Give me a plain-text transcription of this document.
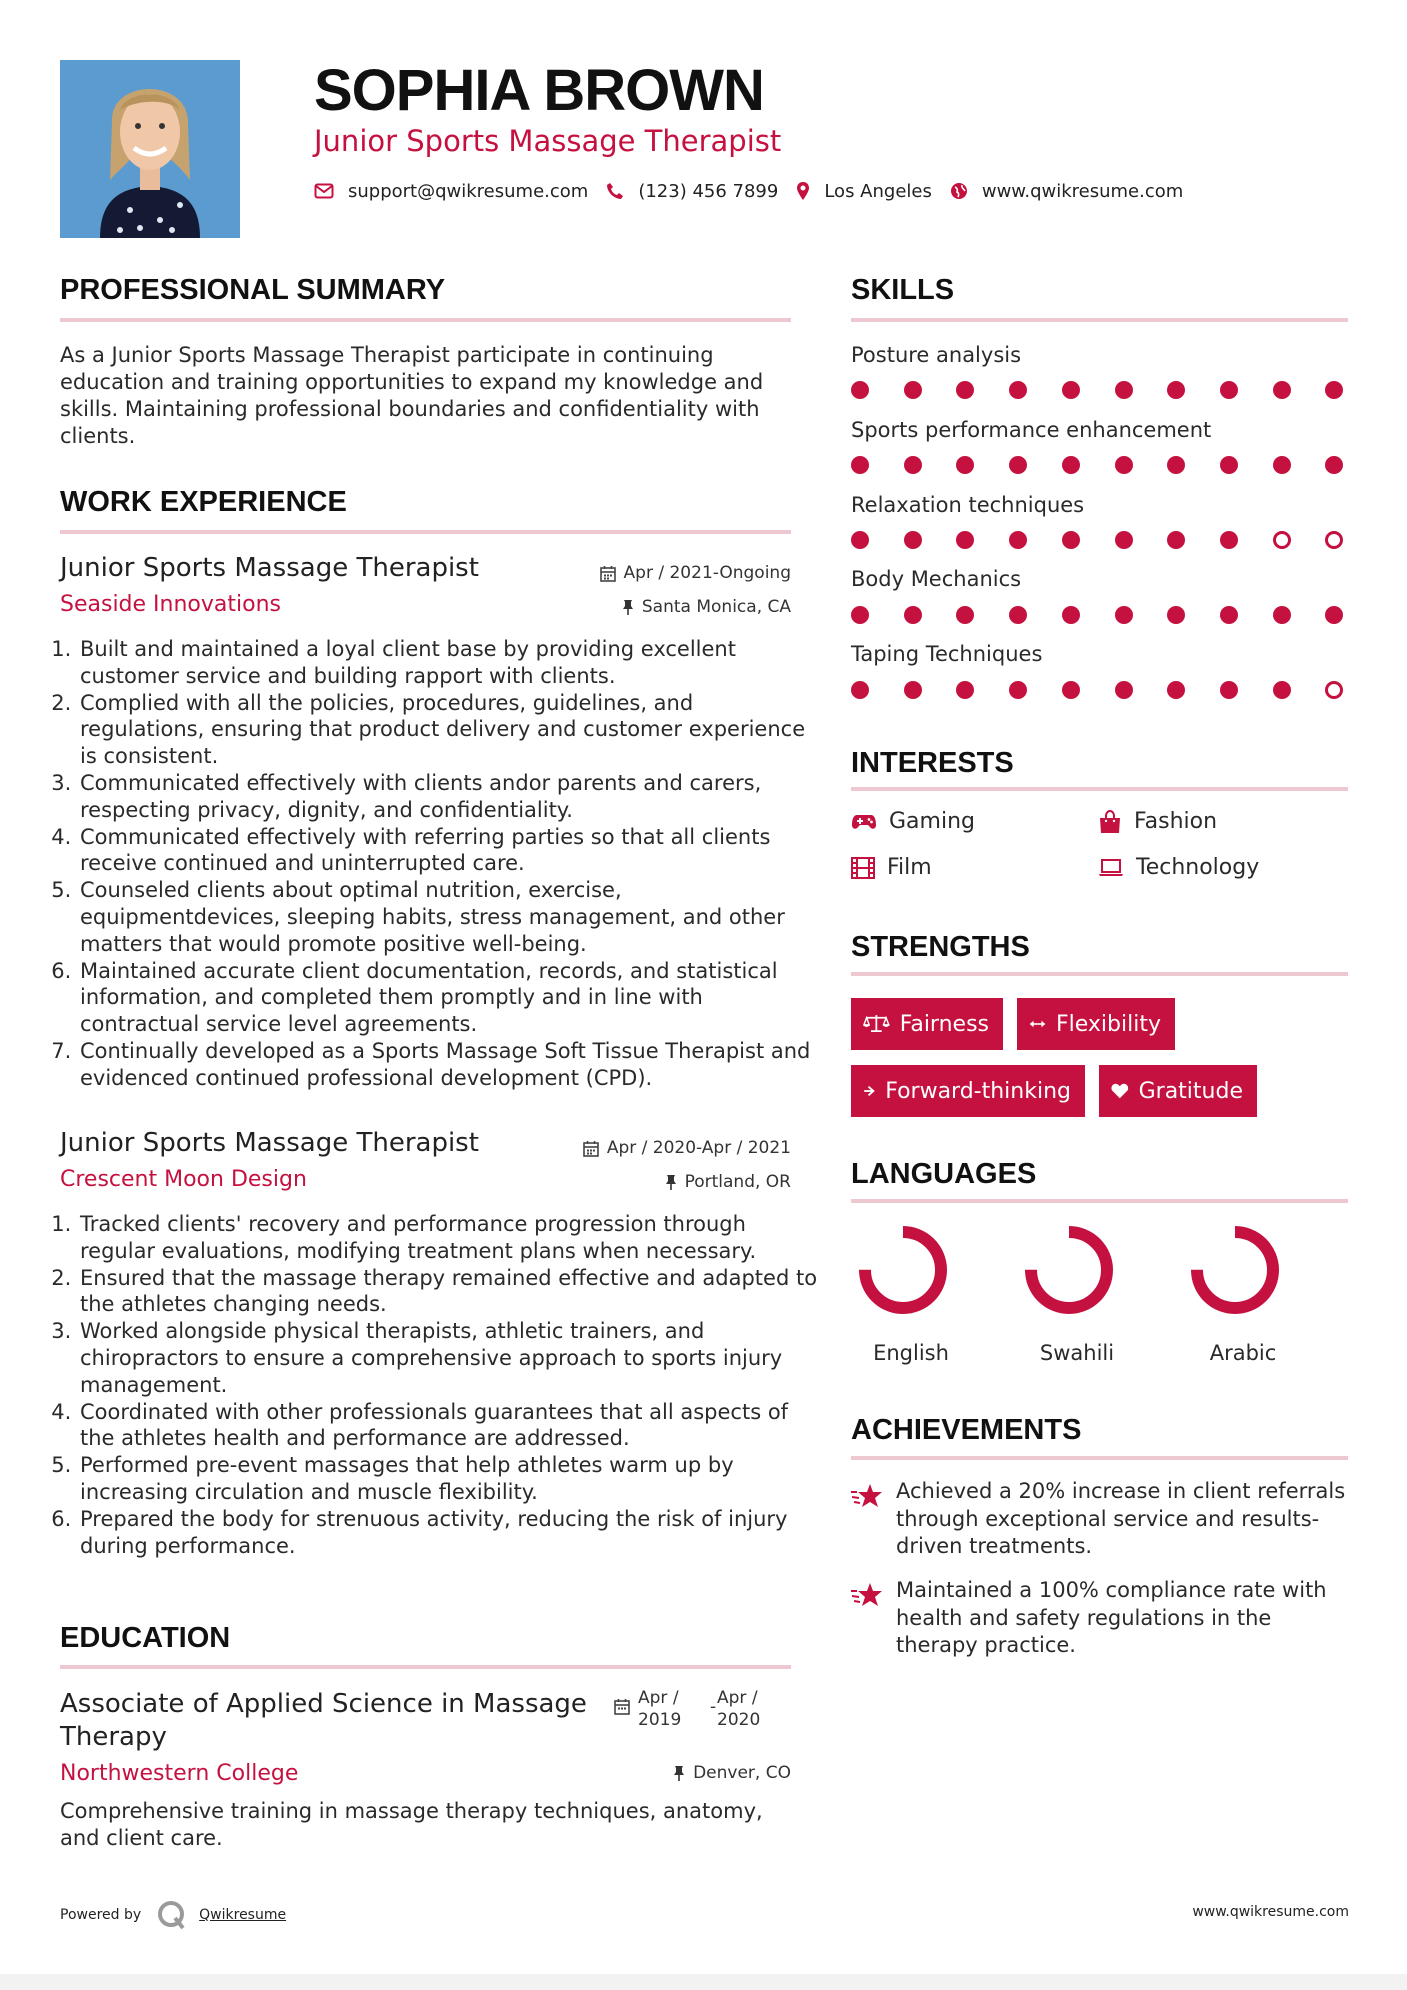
SOPHIA BROWN
Junior Sports Massage Therapist
support@qwikresume.com	(123) 456 7899	Los Angeles	www.qwikresume.com
PROFESSIONAL SUMMARY
As a Junior Sports Massage Therapist participate in continuing education and training opportunities to expand my knowledge and skills. Maintaining professional boundaries and confidentiality with clients.
WORK EXPERIENCE
Junior Sports Massage Therapist
Seaside Innovations
Apr / 2021-Ongoing
Santa Monica, CA
1. Built and maintained a loyal client base by providing excellent customer service and building rapport with clients.
2. Complied with all the policies, procedures, guidelines, and regulations, ensuring that product delivery and customer experience is consistent.
3. Communicated effectively with clients andor parents and carers, respecting privacy, dignity, and confidentiality.
4. Communicated effectively with referring parties so that all clients receive continued and uninterrupted care.
5. Counseled clients about optimal nutrition, exercise, equipmentdevices, sleeping habits, stress management, and other matters that would promote positive well-being.
6. Maintained accurate client documentation, records, and statistical information, and completed them promptly and in line with contractual service level agreements.
7. Continually developed as a Sports Massage Soft Tissue Therapist and evidenced continued professional development (CPD).
Junior Sports Massage Therapist
Crescent Moon Design
Apr / 2020-Apr / 2021
Portland, OR
1. Tracked clients' recovery and performance progression through regular evaluations, modifying treatment plans when necessary.
2. Ensured that the massage therapy remained effective and adapted to the athletes changing needs.
3. Worked alongside physical therapists, athletic trainers, and chiropractors to ensure a comprehensive approach to sports injury management.
4. Coordinated with other professionals guarantees that all aspects of the athletes health and performance are addressed.
5. Performed pre-event massages that help athletes warm up by increasing circulation and muscle flexibility.
6. Prepared the body for strenuous activity, reducing the risk of injury during performance.
EDUCATION
Associate of Applied Science in Massage
Therapy
Northwestern College
Apr /
2019
- Apr /
2020
Denver, CO
Comprehensive training in massage therapy techniques, anatomy, and client care.
SKILLS
Posture analysis
Sports performance enhancement
Relaxation techniques
Body Mechanics
Taping Techniques
INTERESTS
Gaming	Fashion
Film	Technology
STRENGTHS
Fairness	Flexibility
Forward-thinking	Gratitude
LANGUAGES
English	Swahili	Arabic
ACHIEVEMENTS
Achieved a 20% increase in client referrals through exceptional service and results-driven treatments.
Maintained a 100% compliance rate with health and safety regulations in the therapy practice.
Powered by	Qwikresume	www.qwikresume.com
